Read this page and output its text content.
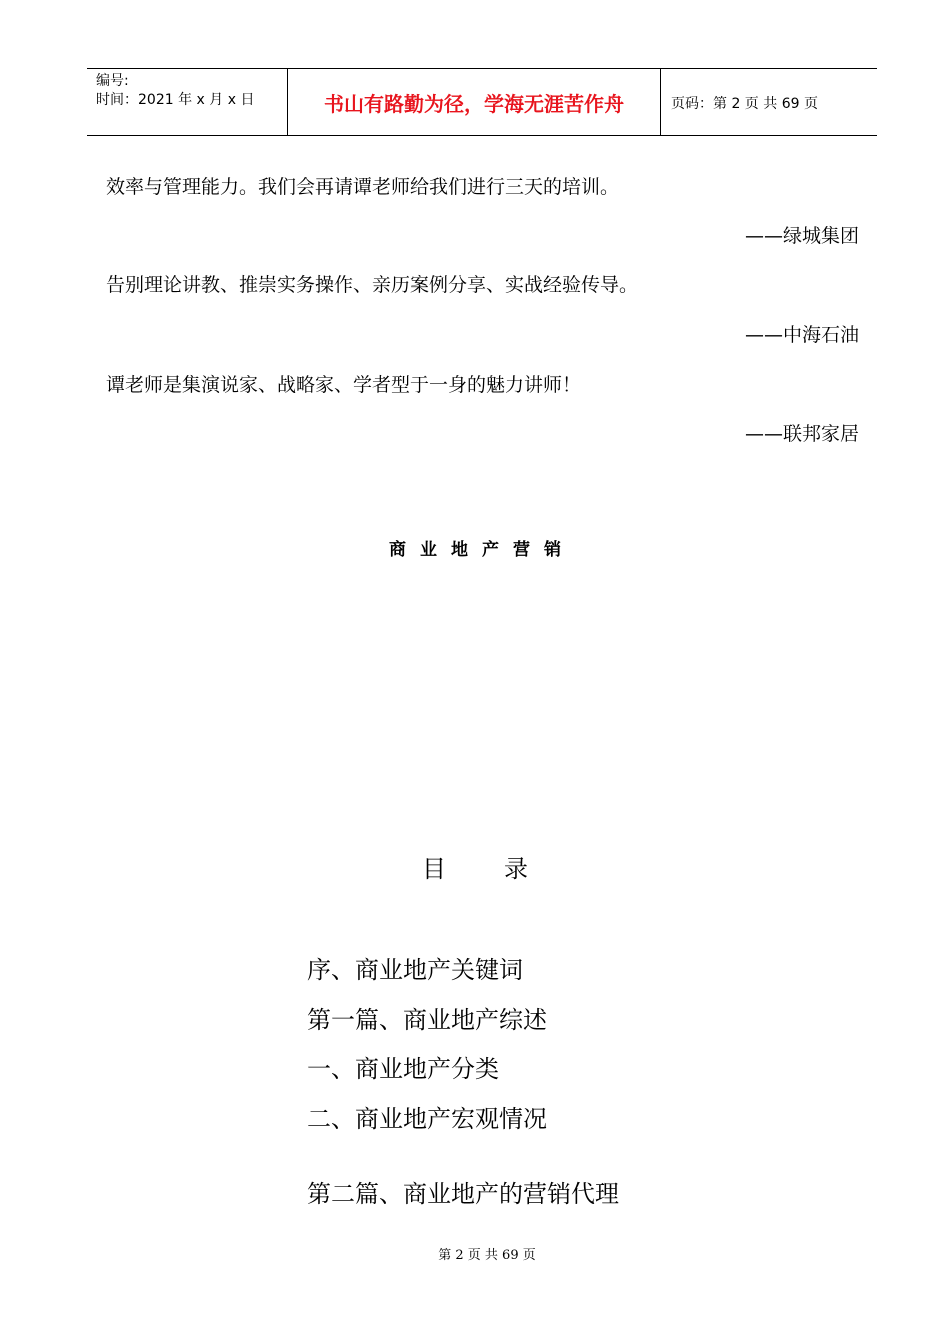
编号:
时间：2021 年 x 月 x 日	书山有路勤为径，学海无涯苦作舟	页码：第 2 页 共 69 页
效率与管理能力。我们会再请谭老师给我们进行三天的培训。
——绿城集团
告别理论讲教、推崇实务操作、亲历案例分享、实战经验传导。
——中海石油
谭老师是集演说家、战略家、学者型于一身的魅力讲师！
——联邦家居
商业地产营销
目录
序、商业地产关键词
第一篇、商业地产综述
一、商业地产分类
二、商业地产宏观情况
第二篇、商业地产的营销代理
第 2 页 共 69 页
